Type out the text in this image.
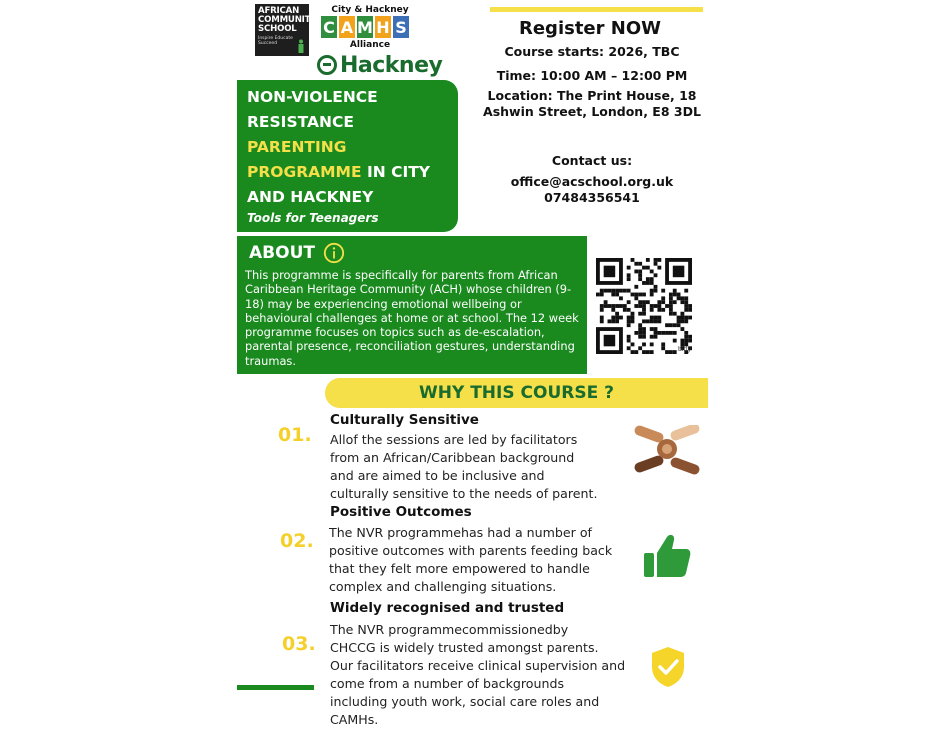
AFRICAN COMMUNITY SCHOOL
Inspire Educate Succeed
City & Hackney
C A M H S
Alliance
Hackney
Register NOW
Course starts: 2026, TBC
Time: 10:00 AM – 12:00 PM
Location: The Print House, 18
Ashwin Street, London, E8 3DL
Contact us:
office@acschool.org.uk
07484356541
NON-VIOLENCE
RESISTANCE
PARENTING
PROGRAMME IN CITY
AND HACKNEY
Tools for Teenagers
ABOUT
This programme is specifically for parents from African Caribbean Heritage Community (ACH) whose children (9- 18) may be experiencing emotional wellbeing or behavioural challenges at home or at school. The 12 week programme focuses on topics such as de-escalation, parental presence, reconciliation gestures, understanding traumas.
bitly
WHY THIS COURSE ?
01.
Culturally Sensitive
Allof the sessions are led by facilitators
from an African/Caribbean background
and are aimed to be inclusive and
culturally sensitive to the needs of parent.
02.
Positive Outcomes
The NVR programmehas had a number of
positive outcomes with parents feeding back
that they felt more empowered to handle
complex and challenging situations.
03.
Widely recognised and trusted
The NVR programmecommissionedby
CHCCG is widely trusted amongst parents.
Our facilitators receive clinical supervision and
come from a number of backgrounds
including youth work, social care roles and
CAMHs.
